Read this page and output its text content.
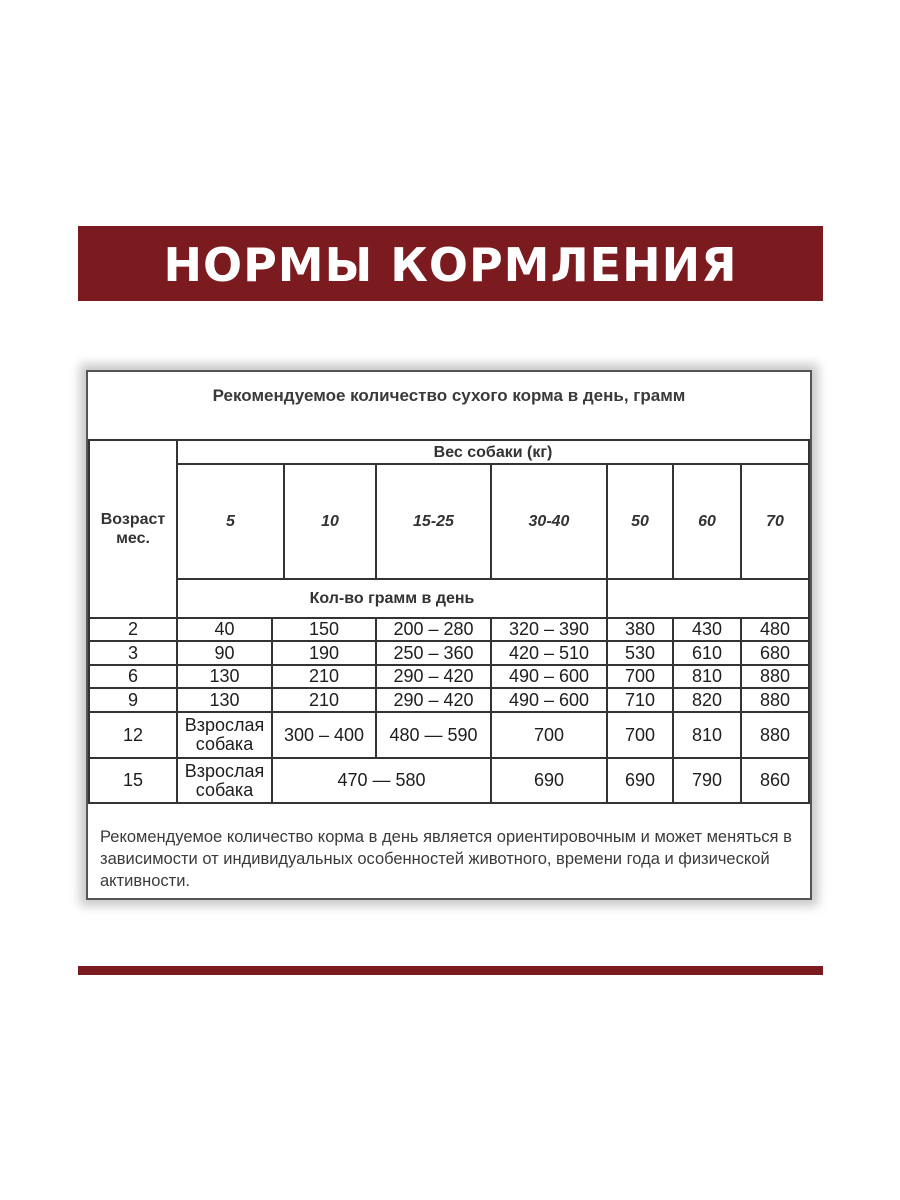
НОРМЫ КОРМЛЕНИЯ
Рекомендуемое количество сухого корма в день, грамм
Возраст мес.
Вес собаки (кг)
5	10	15-25	30-40	50	60	70
Кол-во грамм в день
2	40	150	200 – 280	320 – 390	380	430	480
3	90	190	250 – 360	420 – 510	530	610	680
6	130	210	290 – 420	490 – 600	700	810	880
9	130	210	290 – 420	490 – 600	710	820	880
12	Взрослая собака	300 – 400	480 — 590	700	700	810	880
15	Взрослая собака	470 — 580	690	690	790	860
Рекомендуемое количество корма в день является ориентировочным и может меняться в зависимости от индивидуальных особенностей животного, времени года и физической активности.
